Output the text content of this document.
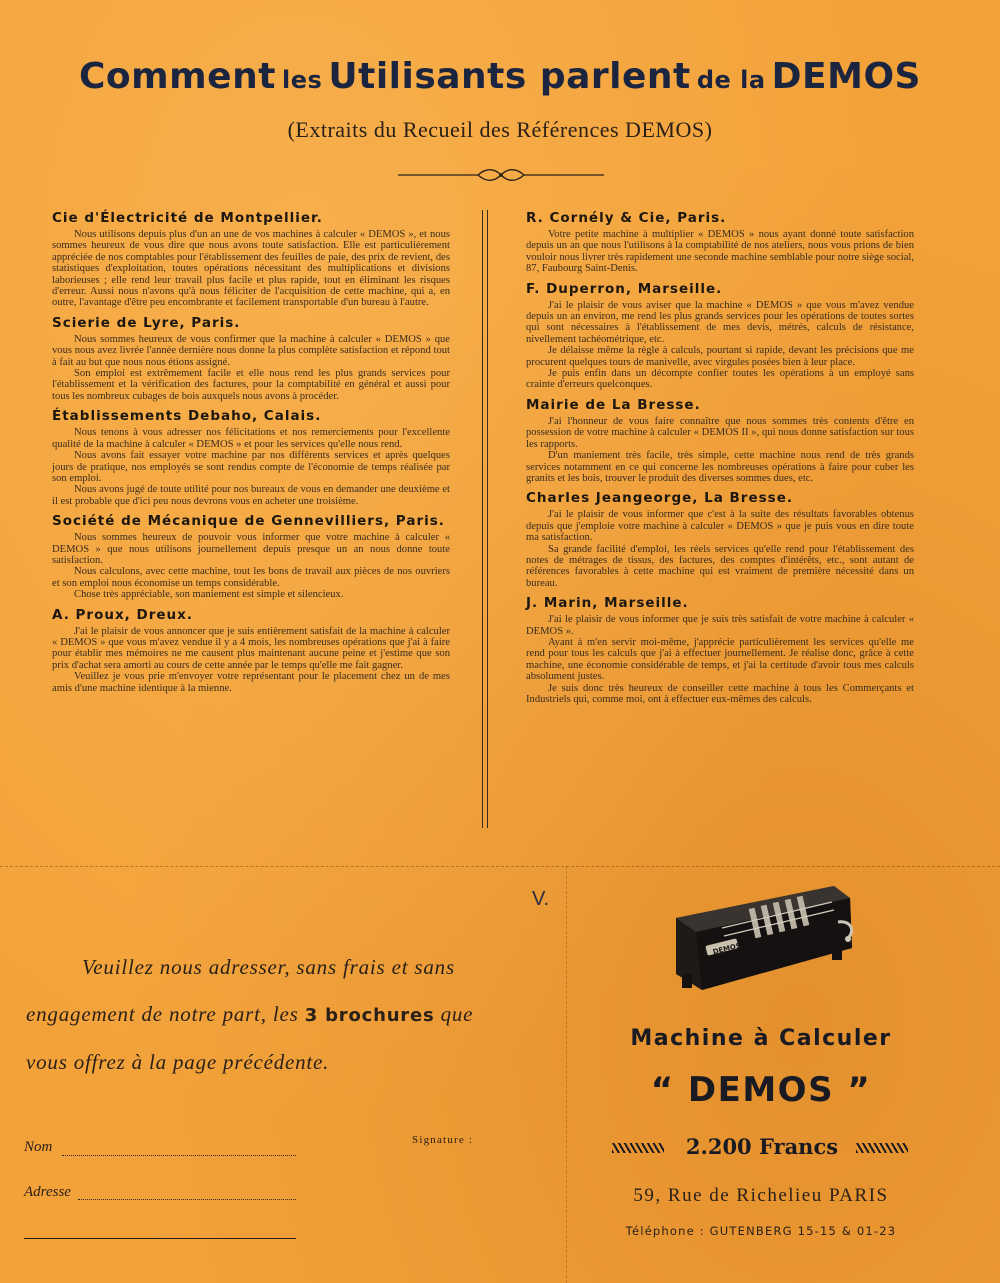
Comment les Utilisants parlent de la DEMOS
(Extraits du Recueil des Références DEMOS)
Cie d'Électricité de Montpellier.
Nous utilisons depuis plus d'un an une de vos machines à calculer « DEMOS », et nous sommes heureux de vous dire que nous avons toute satisfaction. Elle est particulièrement appréciée de nos comptables pour l'établissement des feuilles de paie, des prix de revient, des statistiques d'exploitation, toutes opérations nécessitant des multiplications et divisions laborieuses ; elle rend leur travail plus facile et plus rapide, tout en éliminant les risques d'erreur. Aussi nous n'avons qu'à nous féliciter de l'acquisition de cette machine, qui a, en outre, l'avantage d'être peu encombrante et facilement transportable d'un bureau à l'autre.
Scierie de Lyre, Paris.
Nous sommes heureux de vous confirmer que la machine à calculer « DEMOS » que vous nous avez livrée l'année dernière nous donne la plus complète satisfaction et répond tout à fait au but que nous nous étions assigné.
Son emploi est extrêmement facile et elle nous rend les plus grands services pour l'établissement et la vérification des factures, pour la comptabilité en général et aussi pour tous les nombreux cubages de bois auxquels nous avons à procéder.
Établissements Debaho, Calais.
Nous tenons à vous adresser nos félicitations et nos remerciements pour l'excellente qualité de la machine à calculer « DEMOS » et pour les services qu'elle nous rend.
Nous avons fait essayer votre machine par nos différents services et après quelques jours de pratique, nos employés se sont rendus compte de l'économie de temps réalisée par son emploi.
Nous avons jugé de toute utilité pour nos bureaux de vous en demander une deuxième et il est probable que d'ici peu nous devrons vous en acheter une troisième.
Société de Mécanique de Gennevilliers, Paris.
Nous sommes heureux de pouvoir vous informer que votre machine à calculer « DEMOS » que nous utilisons journellement depuis presque un an nous donne toute satisfaction.
Nous calculons, avec cette machine, tout les bons de travail aux pièces de nos ouvriers et son emploi nous économise un temps considérable.
Chose très appréciable, son maniement est simple et silencieux.
A. Proux, Dreux.
J'ai le plaisir de vous annoncer que je suis entièrement satisfait de la machine à calculer « DEMOS » que vous m'avez vendue il y a 4 mois, les nombreuses opérations que j'ai à faire pour établir mes mémoires ne me causent plus maintenant aucune peine et j'estime que son prix d'achat sera amorti au cours de cette année par le temps qu'elle me fait gagner.
Veuillez je vous prie m'envoyer votre représentant pour le placement chez un de mes amis d'une machine identique à la mienne.
R. Cornély & Cie, Paris.
Votre petite machine à multiplier « DEMOS » nous ayant donné toute satisfaction depuis un an que nous l'utilisons à la comptabilité de nos ateliers, nous vous prions de bien vouloir nous livrer très rapidement une seconde machine semblable pour notre siège social, 87, Faubourg Saint-Denis.
F. Duperron, Marseille.
J'ai le plaisir de vous aviser que la machine « DEMOS » que vous m'avez vendue depuis un an environ, me rend les plus grands services pour les opérations de toutes sortes qui sont nécessaires à l'établissement de mes devis, métrés, calculs de résistance, nivellement tachéométrique, etc.
Je délaisse même la règle à calculs, pourtant si rapide, devant les précisions que me procurent quelques tours de manivelle, avec virgules posées bien à leur place.
Je puis enfin dans un décompte confier toutes les opérations à un employé sans crainte d'erreurs quelconques.
Mairie de La Bresse.
J'ai l'honneur de vous faire connaître que nous sommes très contents d'être en possession de votre machine à calculer « DEMOS II », qui nous donne satisfaction sur tous les rapports.
D'un maniement très facile, très simple, cette machine nous rend de très grands services notamment en ce qui concerne les nombreuses opérations à faire pour cuber les granits et les bois, trouver le produit des diverses sommes dues, etc.
Charles Jeangeorge, La Bresse.
J'ai le plaisir de vous informer que c'est à la suite des résultats favorables obtenus depuis que j'emploie votre machine à calculer « DEMOS » que je puis vous en dire toute ma satisfaction.
Sa grande facilité d'emploi, les réels services qu'elle rend pour l'établissement des notes de métrages de tissus, des factures, des comptes d'intérêts, etc., sont autant de références favorables à cette machine qui est vraiment de première nécessité dans un bureau.
J. Marin, Marseille.
J'ai le plaisir de vous informer que je suis très satisfait de votre machine à calculer « DEMOS ».
Ayant à m'en servir moi-même, j'apprécie particulièrement les services qu'elle me rend pour tous les calculs que j'ai à effectuer journellement. Je réalise donc, grâce à cette machine, une économie considérable de temps, et j'ai la certitude d'avoir tous mes calculs absolument justes.
Je suis donc très heureux de conseiller cette machine à tous les Commerçants et Industriels qui, comme moi, ont à effectuer eux-mêmes des calculs.
V.
Veuillez nous adresser, sans frais et sans
engagement de notre part, les 3 brochures que
vous offrez à la page précédente.
Nom	Signature :
Adresse
DEMOS
Machine à Calculer
“ DEMOS ”
2.200 Francs
59, Rue de Richelieu PARIS
Téléphone : GUTENBERG 15-15 & 01-23
